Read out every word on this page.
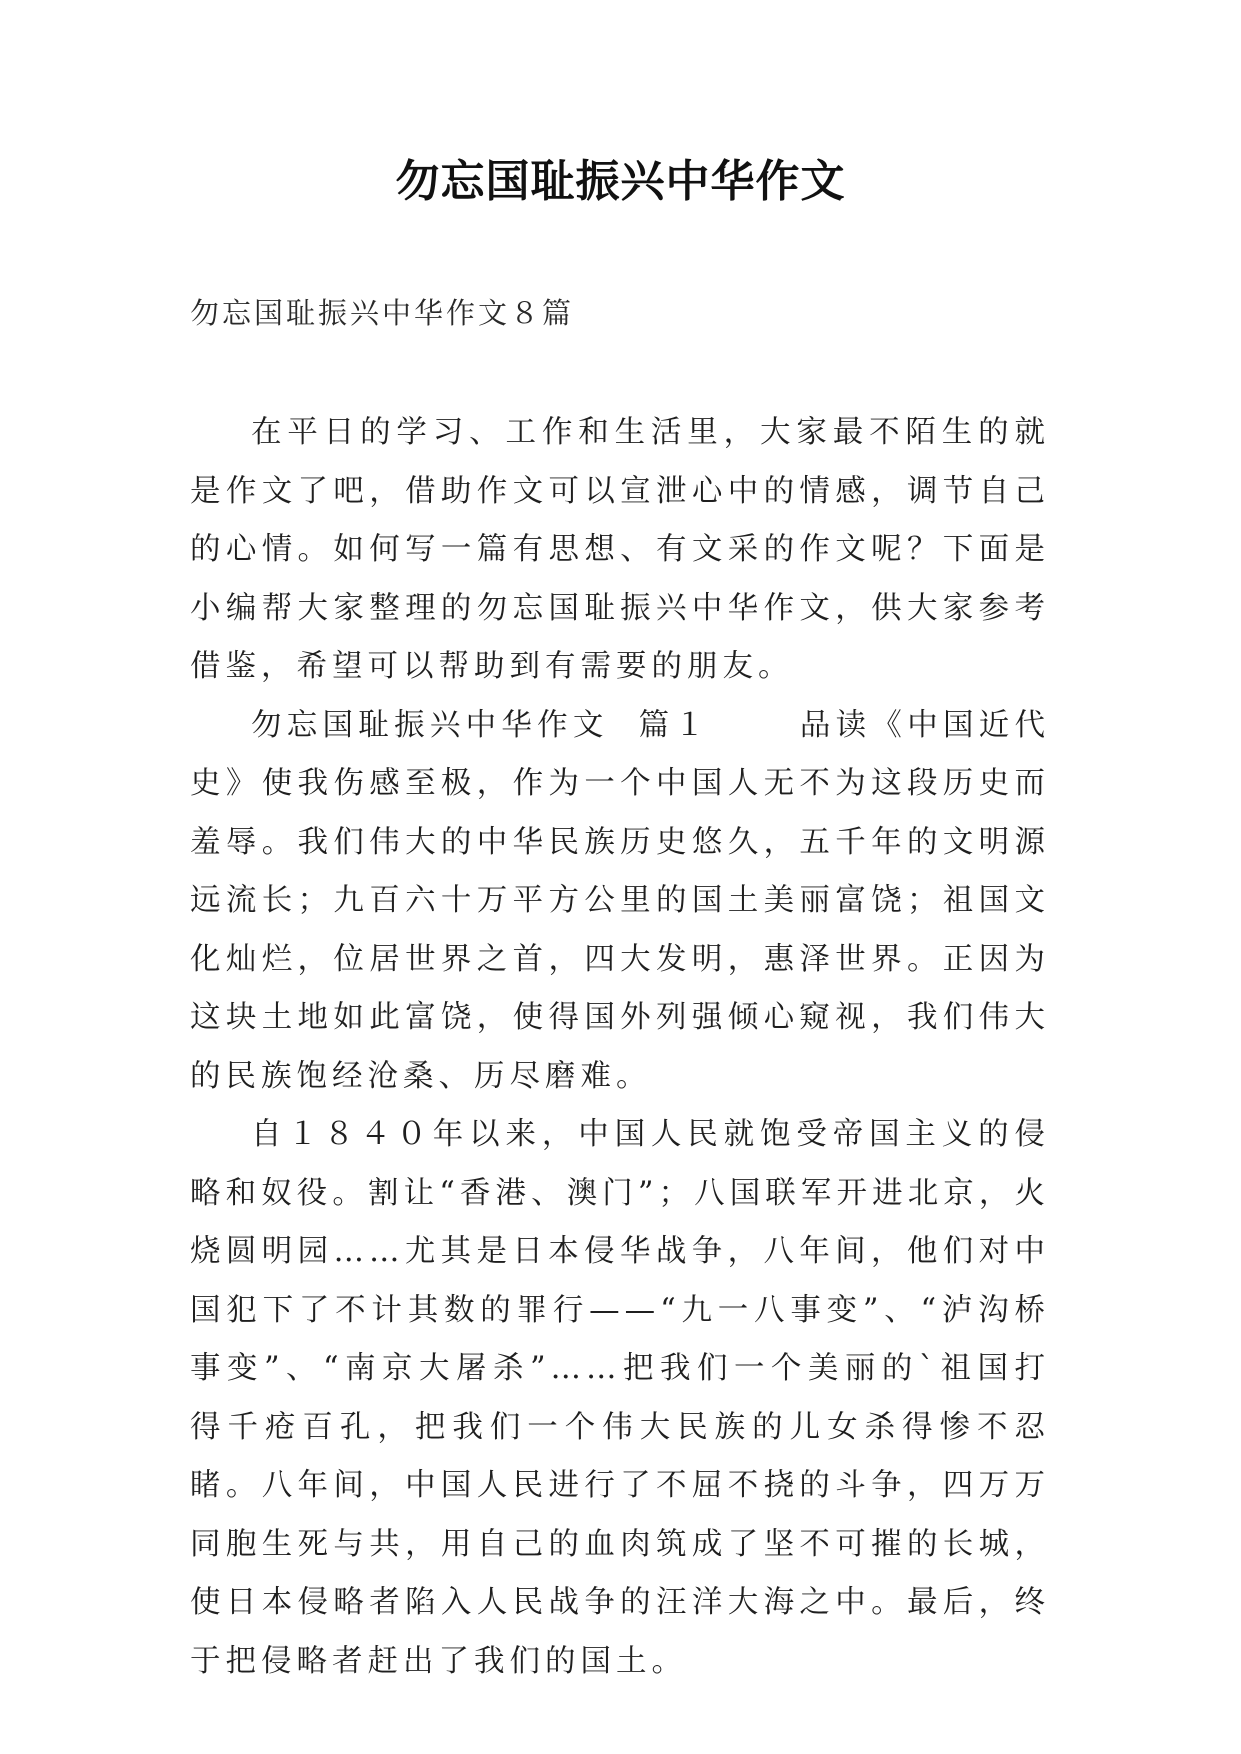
勿忘国耻振兴中华作文
勿忘国耻振兴中华作文８篇

在平日的学习、工作和生活里，大家最不陌生的就是作文了吧，借助作文可以宣泄心中的情感，调节自己的心情。如何写一篇有思想、有文采的作文呢？下面是小编帮大家整理的勿忘国耻振兴中华作文，供大家参考借鉴，希望可以帮助到有需要的朋友。

勿忘国耻振兴中华作文  篇１      品读《中国近代史》使我伤感至极，作为一个中国人无不为这段历史而羞辱。我们伟大的中华民族历史悠久，五千年的文明源远流长；九百六十万平方公里的国土美丽富饶；祖国文化灿烂，位居世界之首，四大发明，惠泽世界。正因为这块土地如此富饶，使得国外列强倾心窥视，我们伟大的民族饱经沧桑、历尽磨难。

自１８４０年以来，中国人民就饱受帝国主义的侵略和奴役。割让“香港、澳门”；八国联军开进北京，火烧圆明园……尤其是日本侵华战争，八年间，他们对中国犯下了不计其数的罪行——“九一八事变”、“泸沟桥事变”、“南京大屠杀”……把我们一个美丽的`祖国打得千疮百孔，把我们一个伟大民族的儿女杀得惨不忍睹。八年间，中国人民进行了不屈不挠的斗争，四万万同胞生死与共，用自己的血肉筑成了坚不可摧的长城，使日本侵略者陷入人民战争的汪洋大海之中。最后，终于把侵略者赶出了我们的国土。
